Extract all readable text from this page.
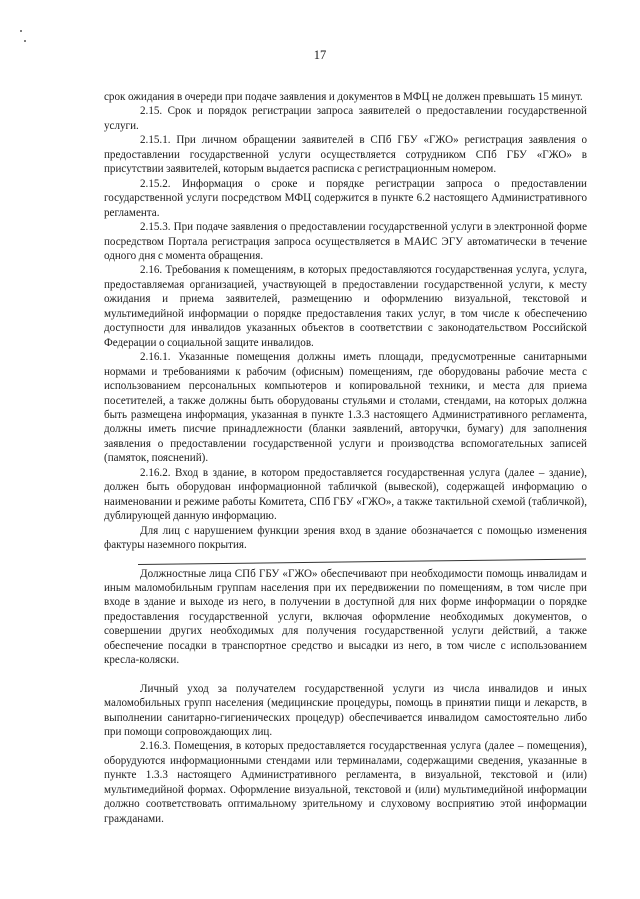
17

срок ожидания в очереди при подаче заявления и документов в МФЦ не должен превышать 15 минут.

2.15. Срок и порядок регистрации запроса заявителей о предоставлении государственной услуги.

2.15.1. При личном обращении заявителей в СПб ГБУ «ГЖО» регистрация заявления о предоставлении государственной услуги осуществляется сотрудником СПб ГБУ «ГЖО» в присутствии заявителей, которым выдается расписка с регистрационным номером.

2.15.2. Информация о сроке и порядке регистрации запроса о предоставлении государственной услуги посредством МФЦ содержится в пункте 6.2 настоящего Административного регламента.

2.15.3. При подаче заявления о предоставлении государственной услуги в электронной форме посредством Портала регистрация запроса осуществляется в МАИС ЭГУ автоматически в течение одного дня с момента обращения.

2.16. Требования к помещениям, в которых предоставляются государственная услуга, услуга, предоставляемая организацией, участвующей в предоставлении государственной услуги, к месту ожидания и приема заявителей, размещению и оформлению визуальной, текстовой и мультимедийной информации о порядке предоставления таких услуг, в том числе к обеспечению доступности для инвалидов указанных объектов в соответствии с законодательством Российской Федерации о социальной защите инвалидов.

2.16.1. Указанные помещения должны иметь площади, предусмотренные санитарными нормами и требованиями к рабочим (офисным) помещениям, где оборудованы рабочие места с использованием персональных компьютеров и копировальной техники, и места для приема посетителей, а также должны быть оборудованы стульями и столами, стендами, на которых должна быть размещена информация, указанная в пункте 1.3.3 настоящего Административного регламента, должны иметь писчие принадлежности (бланки заявлений, авторучки, бумагу) для заполнения заявления о предоставлении государственной услуги и производства вспомогательных записей (памяток, пояснений).

2.16.2. Вход в здание, в котором предоставляется государственная услуга (далее – здание), должен быть оборудован информационной табличкой (вывеской), содержащей информацию о наименовании и режиме работы Комитета, СПб ГБУ «ГЖО», а также тактильной схемой (табличкой), дублирующей данную информацию.

Для лиц с нарушением функции зрения вход в здание обозначается с помощью изменения фактуры наземного покрытия.

Должностные лица СПб ГБУ «ГЖО» обеспечивают при необходимости помощь инвалидам и иным маломобильным группам населения при их передвижении по помещениям, в том числе при входе в здание и выходе из него, в получении в доступной для них форме информации о порядке предоставления государственной услуги, включая оформление необходимых документов, о совершении других необходимых для получения государственной услуги действий, а также обеспечение посадки в транспортное средство и высадки из него, в том числе с использованием кресла-коляски.

Личный уход за получателем государственной услуги из числа инвалидов и иных маломобильных групп населения (медицинские процедуры, помощь в принятии пищи и лекарств, в выполнении санитарно-гигиенических процедур) обеспечивается инвалидом самостоятельно либо при помощи сопровождающих лиц.

2.16.3. Помещения, в которых предоставляется государственная услуга (далее – помещения), оборудуются информационными стендами или терминалами, содержащими сведения, указанные в пункте 1.3.3 настоящего Административного регламента, в визуальной, текстовой и (или) мультимедийной формах. Оформление визуальной, текстовой и (или) мультимедийной информации должно соответствовать оптимальному зрительному и слуховому восприятию этой информации гражданами.
